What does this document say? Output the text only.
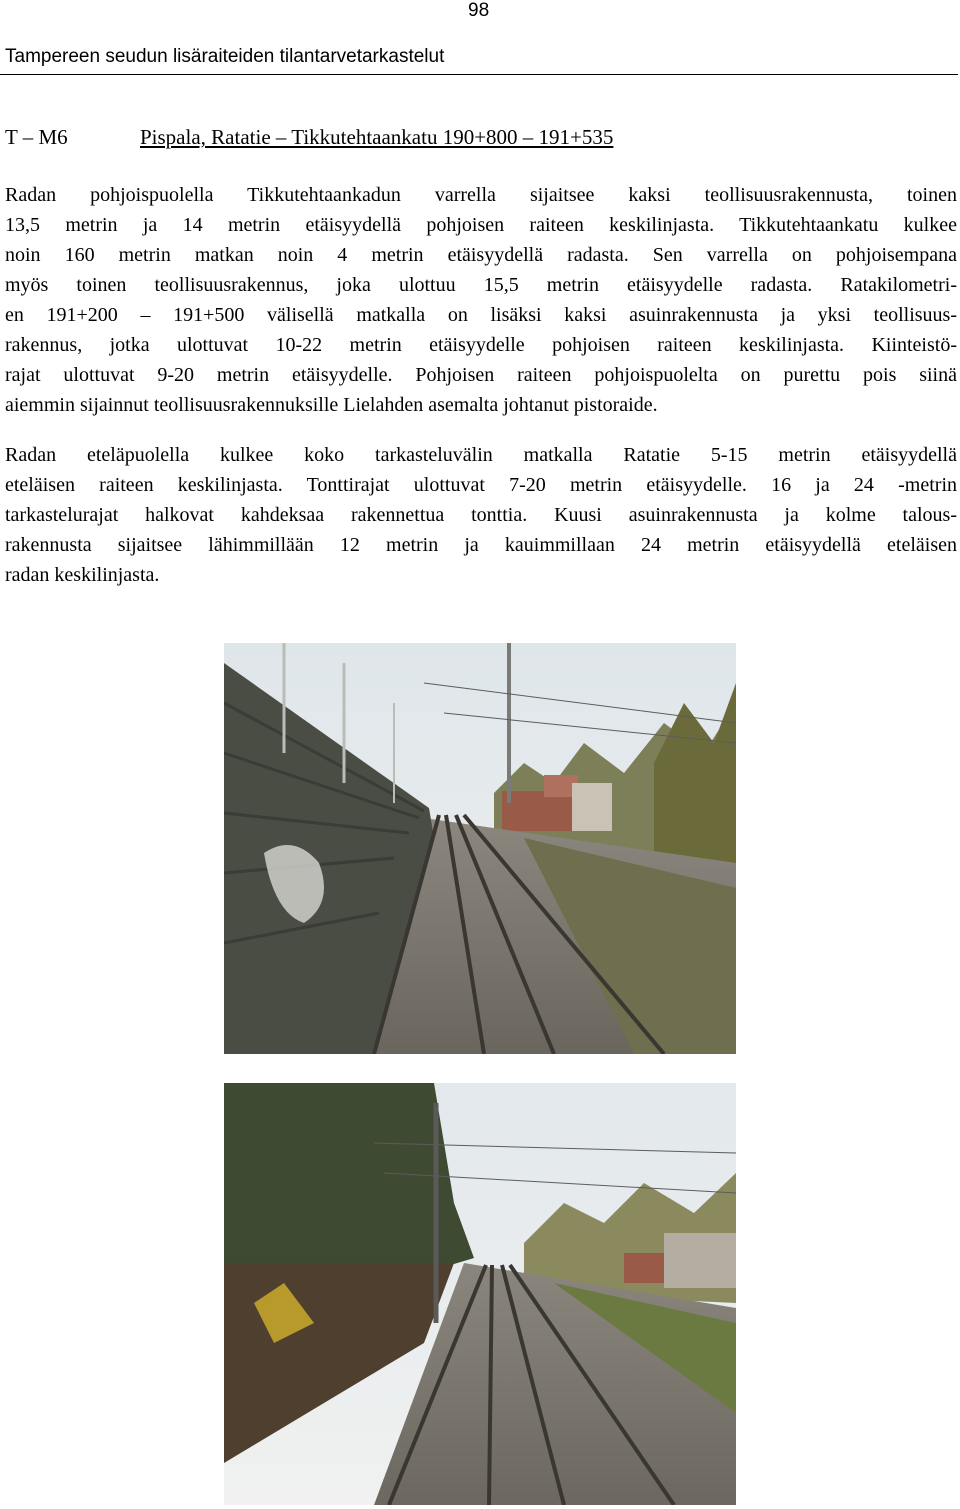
98
Tampereen seudun lisäraiteiden tilantarvetarkastelut
T – M6	Pispala, Ratatie – Tikkutehtaankatu 190+800 – 191+535
Radan pohjoispuolella Tikkutehtaankadun varrella sijaitsee kaksi teollisuusrakennusta, toinen
13,5 metrin ja 14 metrin etäisyydellä pohjoisen raiteen keskilinjasta. Tikkutehtaankatu kulkee
noin 160 metrin matkan noin 4 metrin etäisyydellä radasta. Sen varrella on pohjoisempana
myös toinen teollisuusrakennus, joka ulottuu 15,5 metrin etäisyydelle radasta. Ratakilometri-
en 191+200 – 191+500 välisellä matkalla on lisäksi kaksi asuinrakennusta ja yksi teollisuus-
rakennus, jotka ulottuvat 10-22 metrin etäisyydelle pohjoisen raiteen keskilinjasta. Kiinteistö-
rajat ulottuvat 9-20 metrin etäisyydelle. Pohjoisen raiteen pohjoispuolelta on purettu pois siinä
aiemmin sijainnut teollisuusrakennuksille Lielahden asemalta johtanut pistoraide.
Radan eteläpuolella kulkee koko tarkasteluvälin matkalla Ratatie 5-15 metrin etäisyydellä
eteläisen raiteen keskilinjasta. Tonttirajat ulottuvat 7-20 metrin etäisyydelle. 16 ja 24 -metrin
tarkastelurajat halkovat kahdeksaa rakennettua tonttia. Kuusi asuinrakennusta ja kolme talous-
rakennusta sijaitsee lähimmillään 12 metrin ja kauimmillaan 24 metrin etäisyydellä eteläisen
radan keskilinjasta.
